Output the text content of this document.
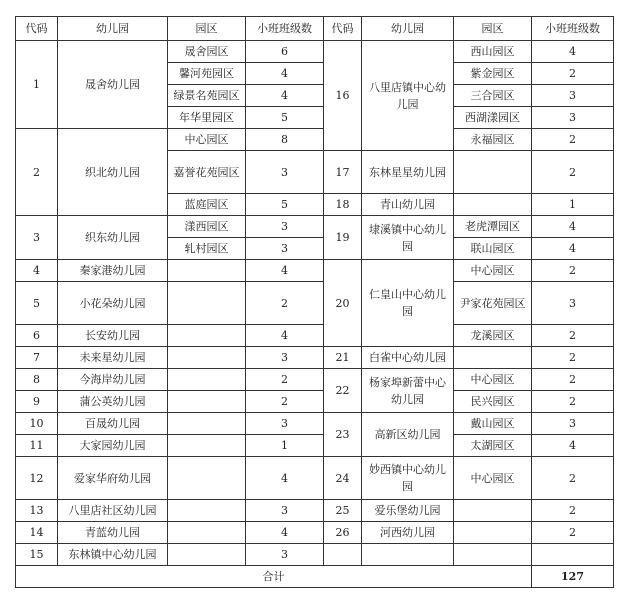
代码	幼儿园	园区	小班班级数	代码	幼儿园	园区	小班班级数
1	晟舍幼儿园	晟舍园区	6	16	八里店镇中心幼儿园	西山园区	4
		馨河苑园区	4			紫金园区	2
		绿景名苑园区	4			三合园区	3
		年华里园区	5			西湖漾园区	3
2	织北幼儿园	中心园区	8			永福园区	2
		嘉誉花苑园区	3	17	东林星星幼儿园		2
		蓝庭园区	5	18	青山幼儿园		1
3	织东幼儿园	漾西园区	3	19	埭溪镇中心幼儿园	老虎潭园区	4
		轧村园区	3			联山园区	4
4	秦家港幼儿园		4	20	仁皇山中心幼儿园	中心园区	2
5	小花朵幼儿园		2			尹家花苑园区	3
6	长安幼儿园		4			龙溪园区	2
7	未来星幼儿园		3	21	白雀中心幼儿园		2
8	今海岸幼儿园		2	22	杨家埠新蕾中心幼儿园	中心园区	2
9	蒲公英幼儿园		2			民兴园区	2
10	百晟幼儿园		3	23	高新区幼儿园	戴山园区	3
11	大家园幼儿园		1			太湖园区	4
12	爱家华府幼儿园		4	24	妙西镇中心幼儿园	中心园区	2
13	八里店社区幼儿园		3	25	爱乐堡幼儿园		2
14	青蓝幼儿园		4	26	河西幼儿园		2
15	东林镇中心幼儿园		3				
合计							127
